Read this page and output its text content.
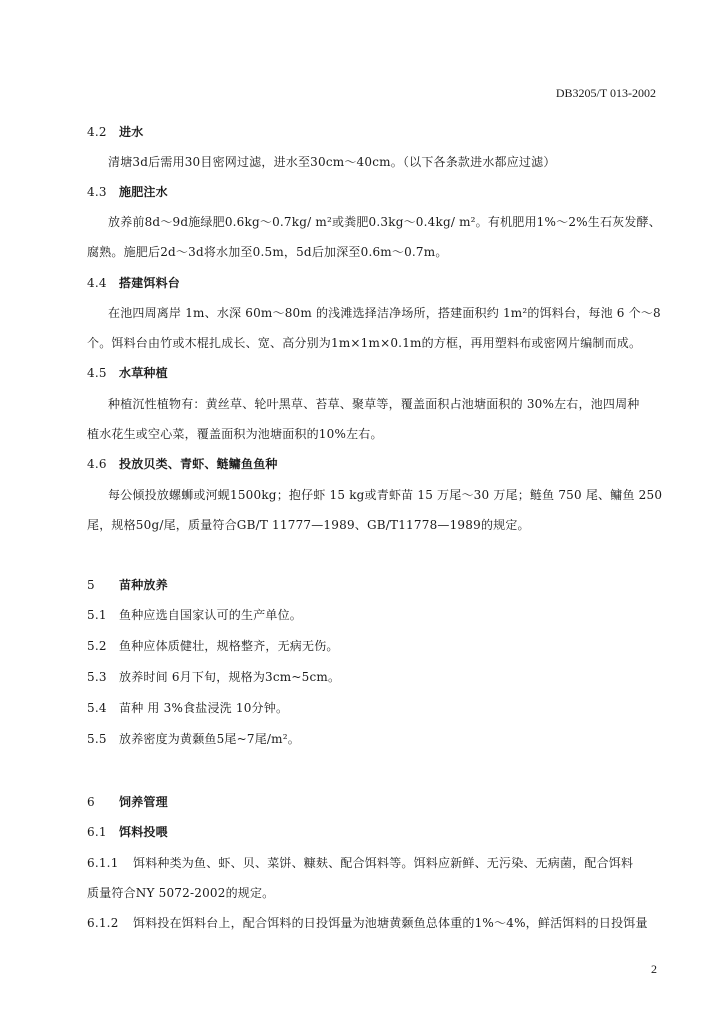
DB3205/T 013-2002
4.2 进水
清塘3d后需用30目密网过滤，进水至30cm～40cm。（以下各条款进水都应过滤）
4.3 施肥注水
放养前8d～9d施绿肥0.6kg～0.7kg/ m²或粪肥0.3kg～0.4kg/ m²。有机肥用1%～2%生石灰发酵、
腐熟。施肥后2d～3d将水加至0.5m，5d后加深至0.6m～0.7m。
4.4 搭建饵料台
在池四周离岸 1m、水深 60m～80m 的浅滩选择洁净场所，搭建面积约 1m²的饵料台，每池 6 个～8
个。饵料台由竹或木棍扎成长、宽、高分别为1m×1m×0.1m的方框，再用塑料布或密网片编制而成。
4.5 水草种植
种植沉性植物有：黄丝草、轮叶黑草、苔草、聚草等，覆盖面积占池塘面积的 30%左右，池四周种
植水花生或空心菜，覆盖面积为池塘面积的10%左右。
4.6 投放贝类、青虾、鲢鳙鱼鱼种
每公倾投放螺蛳或河蚬1500kg；抱仔虾 15 kg或青虾苗 15 万尾～30 万尾；鲢鱼 750 尾、鳙鱼 250
尾，规格50g/尾，质量符合GB/T 11777—1989、GB/T11778—1989的规定。
5 苗种放养
5.1 鱼种应选自国家认可的生产单位。
5.2 鱼种应体质健壮，规格整齐，无病无伤。
5.3 放养时间 6月下旬，规格为3cm~5cm。
5.4 苗种 用 3%食盐浸洗 10分钟。
5.5 放养密度为黄颡鱼5尾~7尾/m²。
6 饲养管理
6.1 饵料投喂
6.1.1 饵料种类为鱼、虾、贝、菜饼、糠麸、配合饵料等。饵料应新鲜、无污染、无病菌，配合饵料
质量符合NY 5072-2002的规定。
6.1.2 饵料投在饵料台上，配合饵料的日投饵量为池塘黄颡鱼总体重的1%～4%，鲜活饵料的日投饵量
2
